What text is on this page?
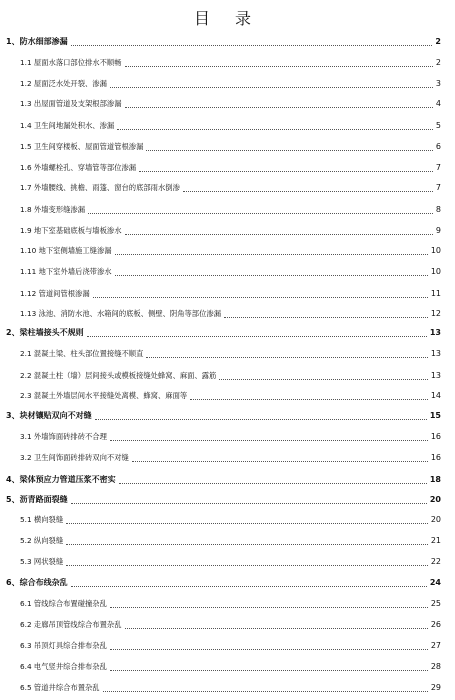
目 录
1、防水细部渗漏	2
1.1 屋面水落口部位排水不顺畅	2
1.2 屋面泛水处开裂、渗漏	3
1.3 出屋面管道及支架根部渗漏	4
1.4 卫生间地漏处积水、渗漏	5
1.5 卫生间穿楼板、屋面管道管根渗漏	6
1.6 外墙螺栓孔、穿墙管等部位渗漏	7
1.7 外墙腰线、挑檐、雨篷、窗台的底部雨水倒渗	7
1.8 外墙变形缝渗漏	8
1.9 地下室基础底板与墙板渗水	9
1.10 地下室侧墙施工缝渗漏	10
1.11 地下室外墙后浇带渗水	10
1.12 管道间管根渗漏	11
1.13 泳池、消防水池、水箱间的底板、侧壁、阴角等部位渗漏	12
2、梁柱墙接头不规则	13
2.1 混凝土梁、柱头部位置接缝不顺直	13
2.2 混凝土柱（墙）层间接头或模板接缝处蜂窝、麻面、露筋	13
2.3 混凝土外墙层间水平接缝处离模、蜂窝、麻面等	14
3、块材镶贴双向不对缝	15
3.1 外墙饰面砖排砖不合理	16
3.2 卫生间饰面砖排砖双向不对缝	16
4、梁体预应力管道压浆不密实	18
5、沥青路面裂缝	20
5.1 横向裂缝	20
5.2 纵向裂缝	21
5.3 网状裂缝	22
6、综合布线杂乱	24
6.1 管线综合布置碰撞杂乱	25
6.2 走廊吊顶管线综合布置杂乱	26
6.3 吊顶灯具综合排布杂乱	27
6.4 电气竖井综合排布杂乱	28
6.5 管道井综合布置杂乱	29
